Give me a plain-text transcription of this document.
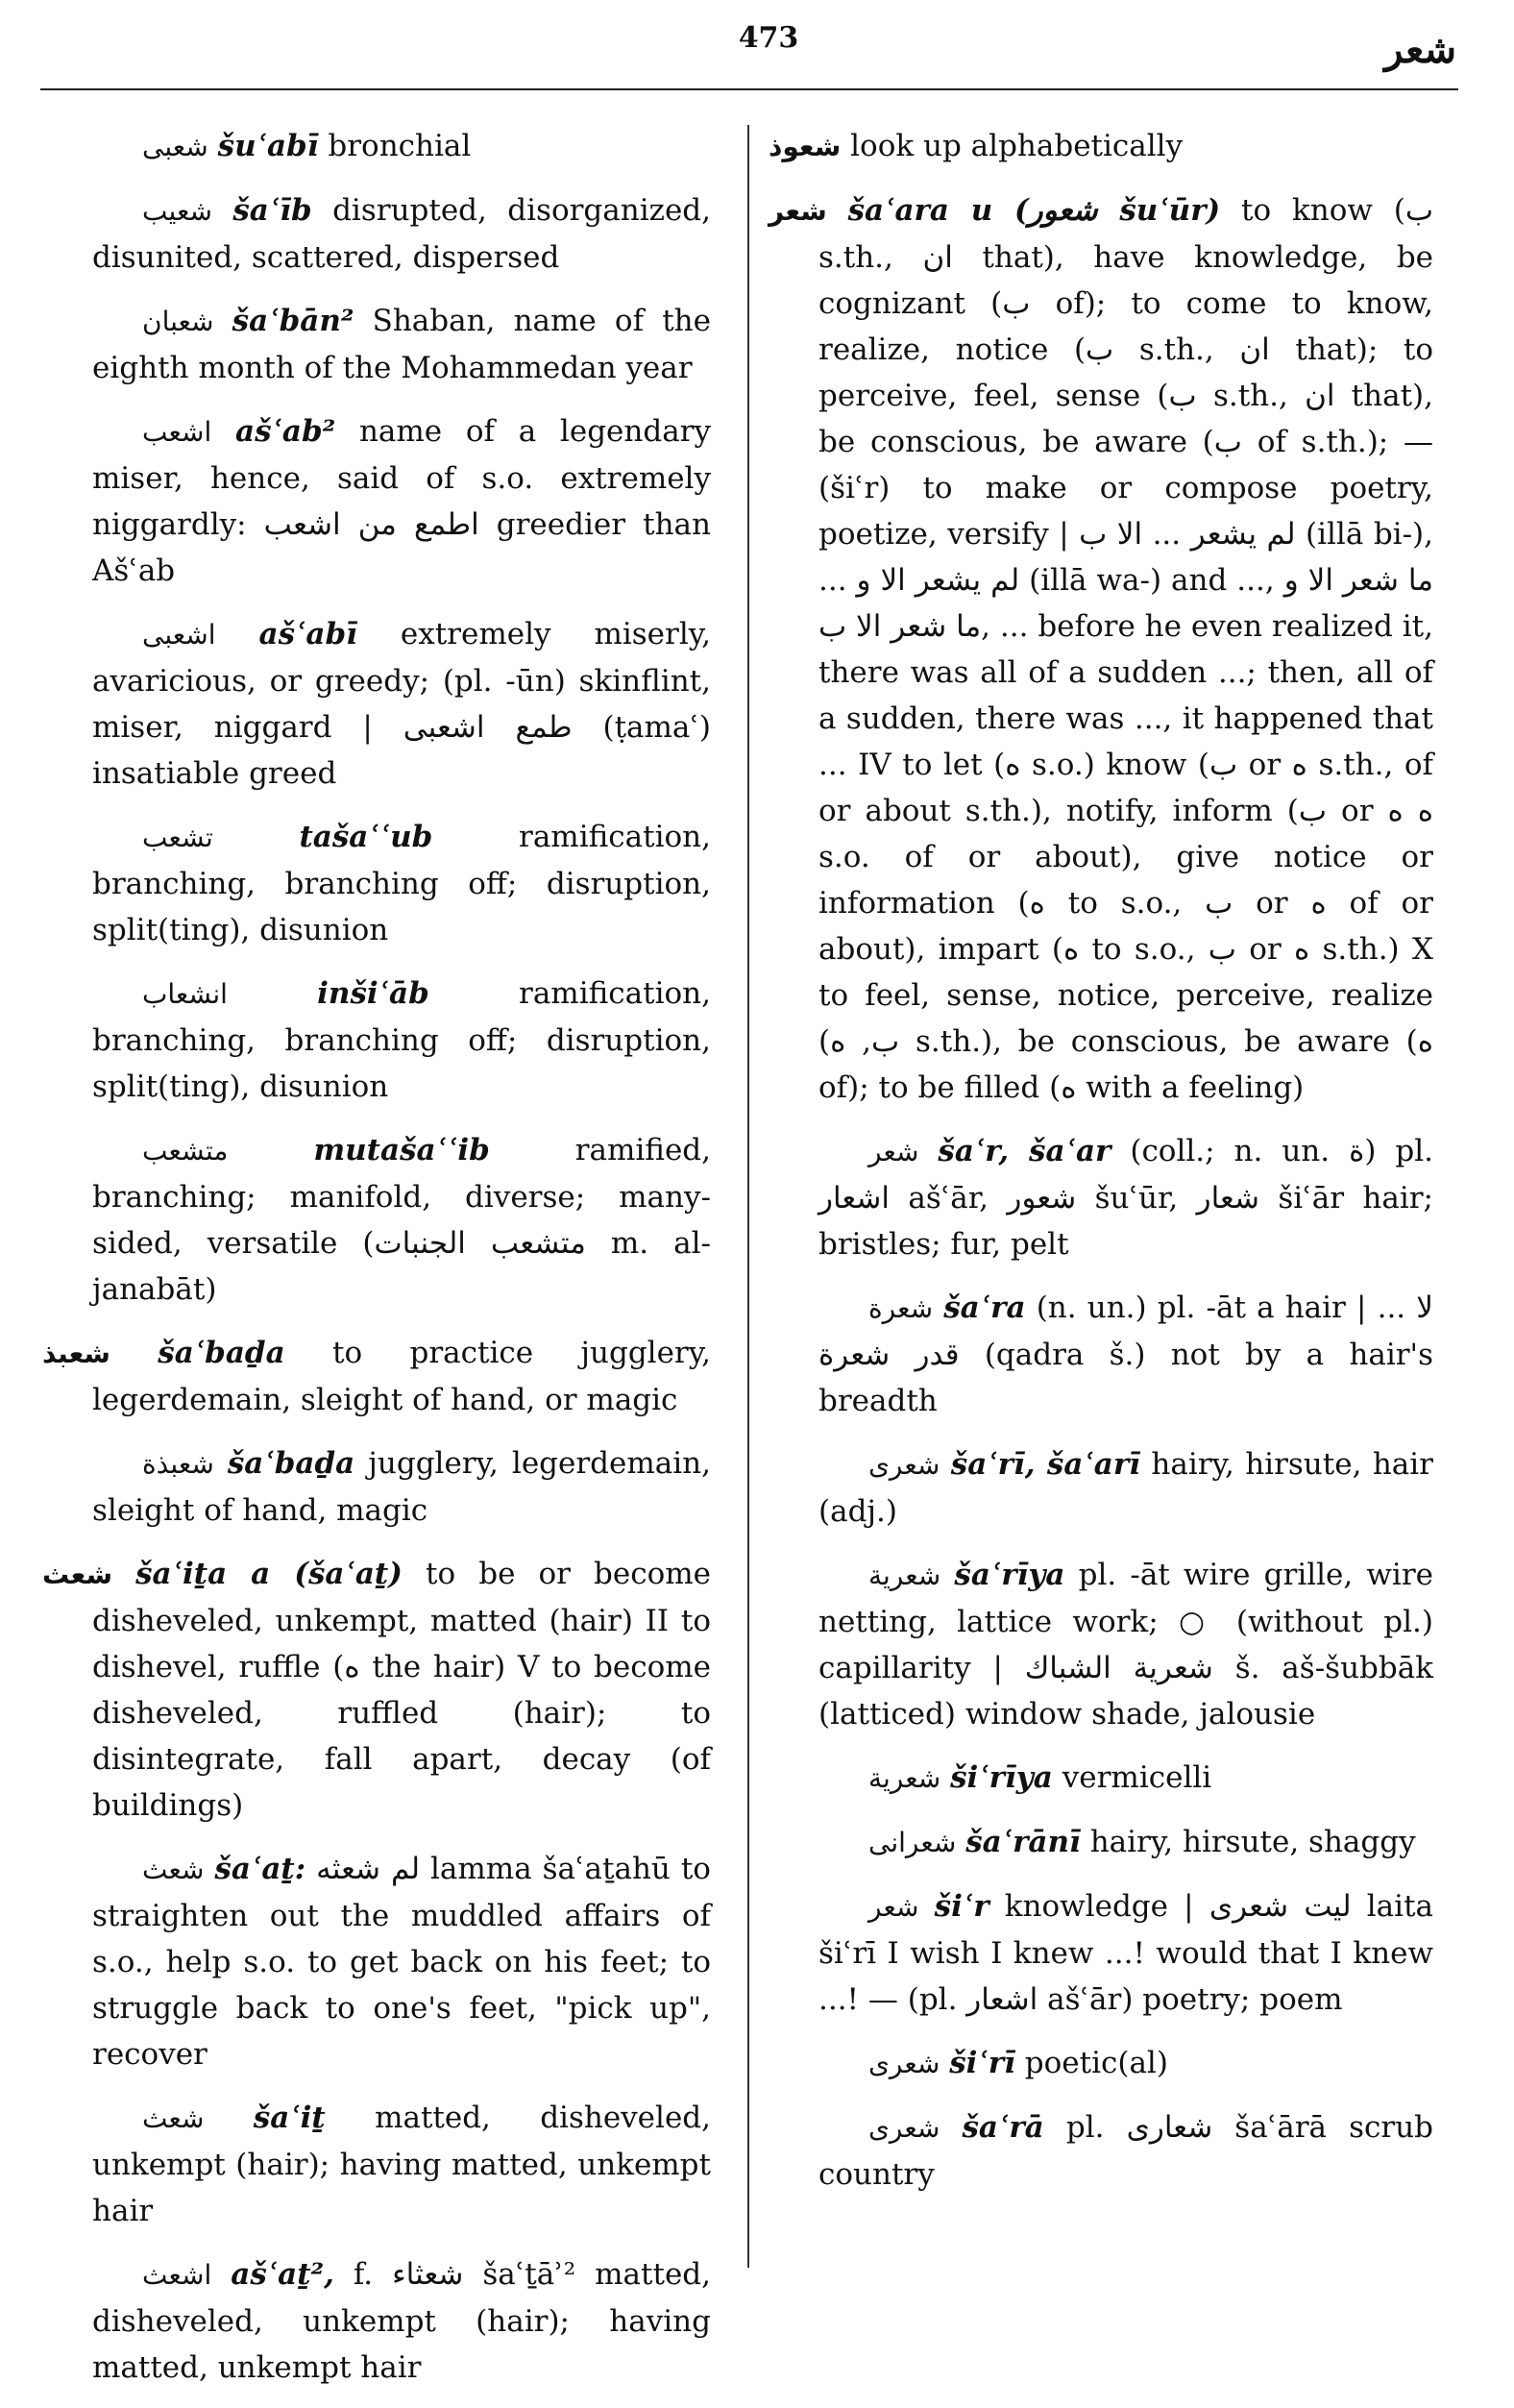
473	شعر

شعبى šuʿabī bronchial

شعيب šaʿīb disrupted, disorganized, disunited, scattered, dispersed

شعبان šaʿbān² Shaban, name of the eighth month of the Mohammedan year

اشعب ašʿab² name of a legendary miser, hence, said of s.o. extremely niggardly: اطمع من اشعب greedier than Ašʿab

اشعبى ašʿabī extremely miserly, avaricious, or greedy; (pl. -ūn) skinflint, miser, niggard | طمع اشعبى (ṭamaʿ) insatiable greed

تشعب	tašaʿʿub	ramification, branching, branching off; disruption, split(ting), disunion

انشعاب	inšiʿāb	ramification, branching, branching off; disruption, split(ting), disunion

متشعب	mutašaʿʿib	ramified, branching; manifold, diverse; many-sided, versatile (متشعب الجنبات m. al-janabāt)

شعبذ šaʿbaḏa to practice jugglery, legerdemain, sleight of hand, or magic

شعبذة šaʿbaḏa jugglery, legerdemain, sleight of hand, magic

شعث šaʿiṯa a (šaʿaṯ) to be or become disheveled, unkempt, matted (hair) II to dishevel, ruffle (ه the hair) V to become disheveled, ruffled (hair); to disintegrate, fall apart, decay (of buildings)

شعث šaʿaṯ: لم شعثه lamma šaʿaṯahū to straighten out the muddled affairs of s.o., help s.o. to get back on his feet; to struggle back to one's feet, "pick up", recover

شعث šaʿiṯ matted, disheveled, unkempt (hair); having matted, unkempt hair

اشعث ašʿaṯ², f. شعثاء šaʿṯāʾ² matted, disheveled, unkempt (hair); having matted, unkempt hair

شعوذ look up alphabetically

شعر šaʿara u (شعور šuʿūr) to know (ب s.th., ان that), have knowledge, be cognizant (ب of); to come to know, realize, notice (ب s.th., ان that); to perceive, feel, sense (ب s.th., ان that), be conscious, be aware (ب of s.th.); — (šiʿr) to make or compose poetry, poetize, versify | لم يشعر ... الا ب (illā bi-), ... لم يشعر الا و (illā wa-) and ..., ما شعر الا و ... ,ما شعر الا ب before he even realized it, there was all of a sudden ...; then, all of a sudden, there was ..., it happened that ... IV to let (ه s.o.) know (ب or ه s.th., of or about s.th.), notify, inform (ب or ه ه s.o. of or about), give notice or information (ه to s.o., ب or ه of or about), impart (ه to s.o., ب or ه s.th.) X to feel, sense, notice, perceive, realize (ب, ه s.th.), be conscious, be aware (ه of); to be filled (ه with a feeling)

شعر šaʿr, šaʿar (coll.; n. un. ة) pl. اشعار ašʿār, شعور šuʿūr, شعار šiʿār hair; bristles; fur, pelt

شعرة šaʿra (n. un.) pl. -āt a hair | لا ... قدر شعرة (qadra š.) not by a hair's breadth

شعرى šaʿrī, šaʿarī hairy, hirsute, hair (adj.)

شعرية šaʿrīya pl. -āt wire grille, wire netting, lattice work; ○ (without pl.) capillarity | شعرية الشباك š. aš-šubbāk (latticed) window shade, jalousie

شعرية šiʿrīya vermicelli

شعرانى šaʿrānī hairy, hirsute, shaggy

شعر šiʿr knowledge | ليت شعرى laita šiʿrī I wish I knew ...! would that I knew ...! — (pl. اشعار ašʿār) poetry; poem

شعرى šiʿrī poetic(al)

شعرى šaʿrā pl. شعارى šaʿārā scrub country
